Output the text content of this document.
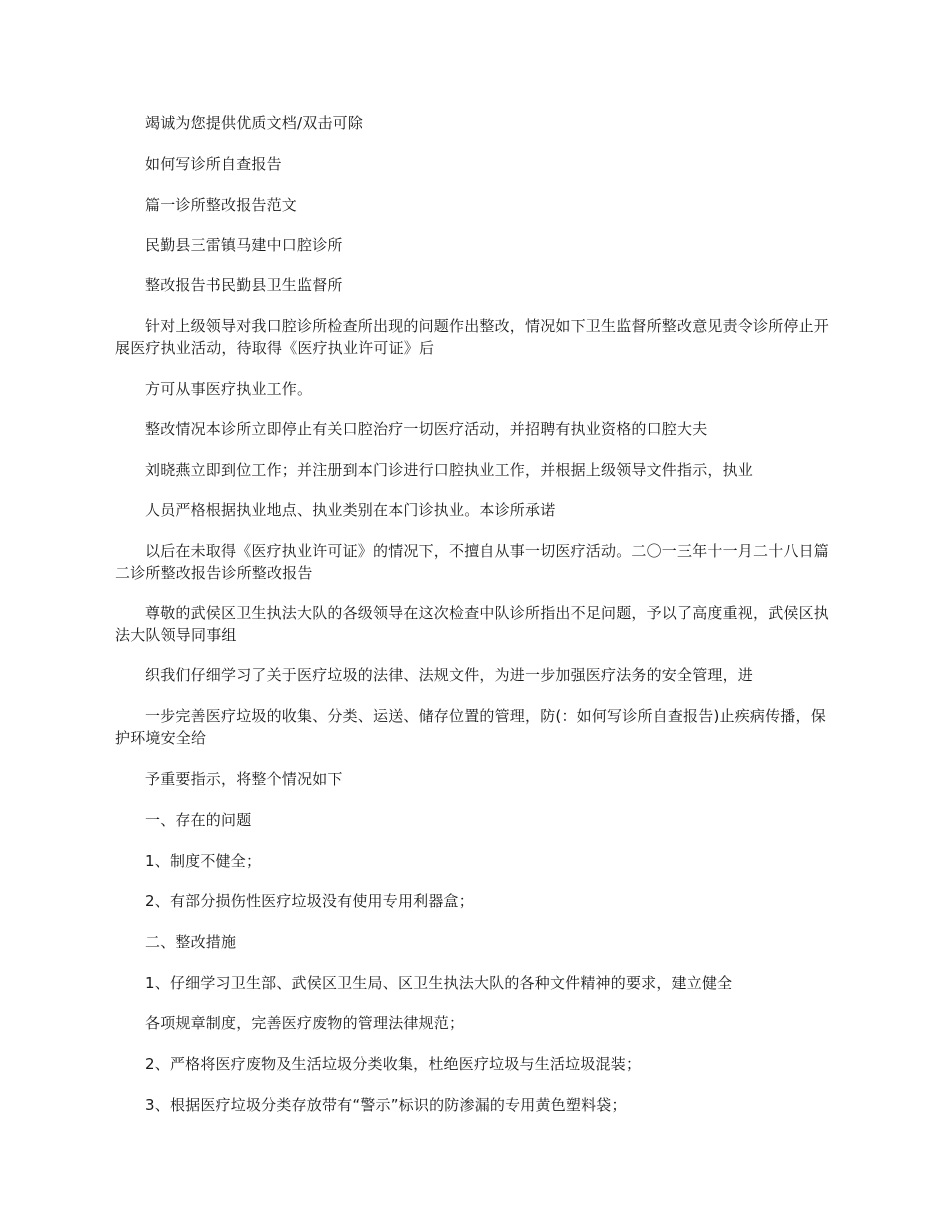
竭诚为您提供优质文档/双击可除

如何写诊所自查报告

篇一诊所整改报告范文

民勤县三雷镇马建中口腔诊所

整改报告书民勤县卫生监督所

针对上级领导对我口腔诊所检查所出现的问题作出整改，情况如下卫生监督所整改意见责令诊所停止开展医疗执业活动，待取得《医疗执业许可证》后

方可从事医疗执业工作。

整改情况本诊所立即停止有关口腔治疗一切医疗活动，并招聘有执业资格的口腔大夫

刘晓燕立即到位工作；并注册到本门诊进行口腔执业工作，并根据上级领导文件指示，执业

人员严格根据执业地点、执业类别在本门诊执业。本诊所承诺

以后在未取得《医疗执业许可证》的情况下，不擅自从事一切医疗活动。二〇一三年十一月二十八日篇二诊所整改报告诊所整改报告

尊敬的武侯区卫生执法大队的各级领导在这次检查中队诊所指出不足问题，予以了高度重视，武侯区执法大队领导同事组

织我们仔细学习了关于医疗垃圾的法律、法规文件，为进一步加强医疗法务的安全管理，进

一步完善医疗垃圾的收集、分类、运送、储存位置的管理，防(：如何写诊所自查报告)止疾病传播，保护环境安全给

予重要指示，将整个情况如下

一、存在的问题

1、制度不健全；

2、有部分损伤性医疗垃圾没有使用专用利器盒；

二、整改措施

1、仔细学习卫生部、武侯区卫生局、区卫生执法大队的各种文件精神的要求，建立健全

各项规章制度，完善医疗废物的管理法律规范；

2、严格将医疗废物及生活垃圾分类收集，杜绝医疗垃圾与生活垃圾混装；

3、根据医疗垃圾分类存放带有“警示”标识的防渗漏的专用黄色塑料袋；
